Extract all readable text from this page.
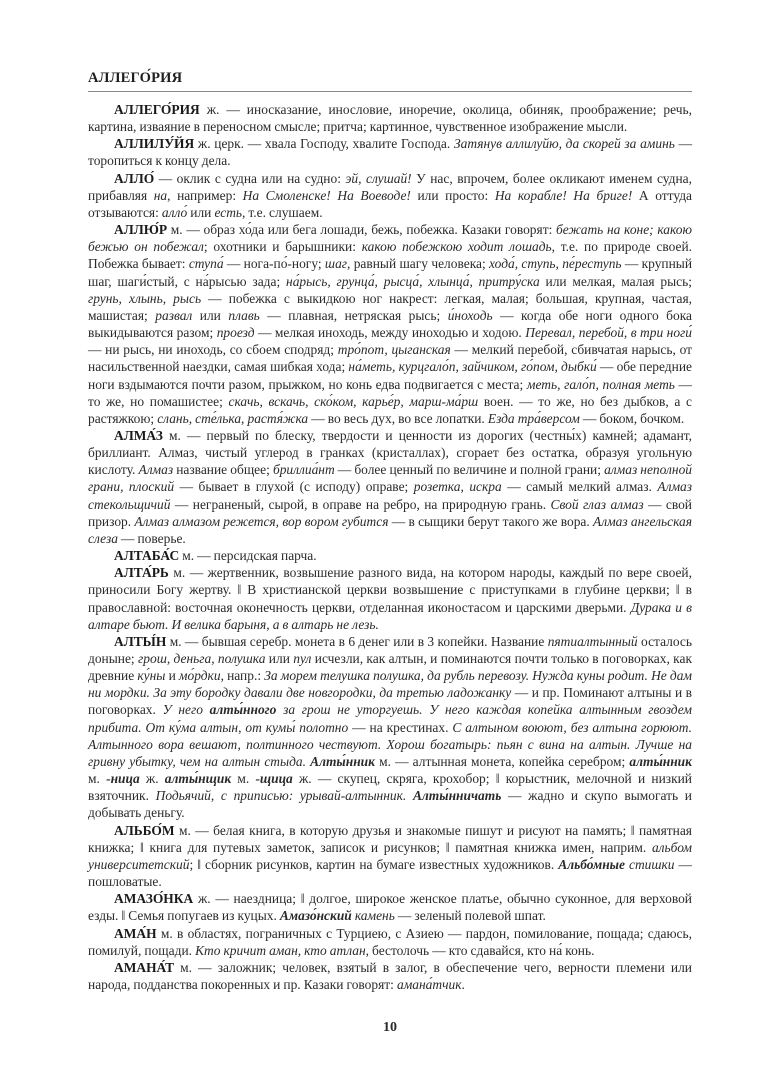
АЛЛЕГО́РИЯ

АЛЛЕГО́РИЯ ж. — иносказание, инословие, иноречие, околица, обиняк, проображение; речь, картина, изваяние в переносном смысле; притча; картинное, чувственное изображение мысли.

АЛЛИЛУ́ЙЯ ж. церк. — хвала Господу, хвалите Господа. Затянув аллилуйю, да скорей за аминь — торопиться к концу дела.

АЛЛО́ — оклик с судна или на судно: эй, слушай! У нас, впрочем, более окликают именем судна, прибавляя на, например: На Смоленске! На Воеводе! или просто: На корабле! На бриге! А оттуда отзываются: алло́ или есть, т.е. слушаем.

АЛЛЮ́Р м. — образ хо́да или бега лошади, бежь, побежка. Казаки говорят: бежать на коне; какою бежью он побежал; охотники и барышники: какою побежкою ходит лошадь, т.е. по природе своей. Побежка бывает: ступа́ — нога-по́-ногу; шаг, равный шагу человека; хода́, ступь, пе́реступь — крупный шаг, шаги́стый, с на́рысью зада; на́рысь, грунца́, рысца́, хлынца́, притру́ска или мелкая, малая рысь; грунь, хлынь, рысь — побежка с выкидкою ног накрест: легкая, малая; большая, крупная, частая, машистая; развал или плавь — плавная, нетряская рысь; и́ноходь — когда обе ноги одного бока выкидываются разом; проезд — мелкая иноходь, между иноходью и ходою. Перевал, перебой, в три ноги́ — ни рысь, ни иноходь, со сбоем сподряд; тро́пот, цыганская — мелкий перебой, сбивчатая нарысь, от насильственной наездки, самая шибкая хода; на́меть, курцгало́п, зайчиком, го́пом, дыбки́ — обе передние ноги вздымаются почти разом, прыжком, но конь едва подвигается с места; меть, гало́п, полная меть — то же, но помашистее; скачь, вскачь, ско́ком, карье́р, марш-ма́рш воен. — то же, но без дыбков, а с растяжкою; слань, сте́лька, растя́жка — во весь дух, во все лопатки. Езда тра́версом — боком, бочком.

АЛМА́З м. — первый по блеску, твердости и ценности из дорогих (честны́х) камней; адамант, бриллиант. Алмаз, чистый углерод в гранках (кристаллах), сгорает без остатка, образуя угольную кислоту. Алмаз название общее; бриллиа́нт — более ценный по величине и полной грани; алмаз неполной грани, плоский — бывает в глухой (с исподу) оправе; розетка, искра — самый мелкий алмаз. Алмаз стекольщичий — неграненый, сырой, в оправе на ребро, на природную грань. Свой глаз алмаз — свой призор. Алмаз алмазом режется, вор вором губится — в сыщики берут такого же вора. Алмаз ангельская слеза — поверье.

АЛТАБА́С м. — персидская парча.

АЛТА́РЬ м. — жертвенник, возвышение разного вида, на котором народы, каждый по вере своей, приносили Богу жертву. ‖ В христианской церкви возвышение с приступками в глубине церкви; ‖ в православной: восточная оконечность церкви, отделанная иконостасом и царскими дверьми. Дурака и в алтаре бьют. И велика барыня, а в алтарь не лезь.

АЛТЫ́Н м. — бывшая серебр. монета в 6 денег или в 3 копейки. Название пятиалтынный осталось доныне; грош, деньга, полушка или пул исчезли, как алтын, и поминаются почти только в поговорках, как древние ку́ны и мо́рдки, напр.: За морем телушка полушка, да рубль перевозу. Нужда куны родит. Не дам ни мордки. За эту бородку давали две новгородки, да третью ладожанку — и пр. Поминают алтыны и в поговорках. У него алты́нного за грош не уторгуешь. У него каждая копейка алтынным гвоздем прибита. От ку́ма алтын, от кумы́ полотно — на крестинах. С алтыном воюют, без алтына горюют. Алтынного вора вешают, полтинного чествуют. Хорош богатырь: пьян с вина на алтын. Лучше на гривну убытку, чем на алтын стыда. Алты́нник м. — алтынная монета, копейка серебром; алты́нник м. -ница ж. алты́нщик м. -щица ж. — скупец, скряга, крохобор; ‖ корыстник, мелочной и низкий взяточник. Подьячий, с приписью: урывай-алтынник. Алты́нничать — жадно и скупо вымогать и добывать деньгу.

АЛЬБО́М м. — белая книга, в которую друзья и знакомые пишут и рисуют на память; ‖ памятная книжка; ‖ книга для путевых заметок, записок и рисунков; ‖ памятная книжка имен, наприм. альбом университетский; ‖ сборник рисунков, картин на бумаге известных художников. Альбо́мные стишки — пошловатые.

АМАЗО́НКА ж. — наездница; ‖ долгое, широкое женское платье, обычно суконное, для верховой езды. ‖ Семья попугаев из куцых. Амазо́нский камень — зеленый полевой шпат.

АМА́Н м. в областях, пограничных с Турциею, с Азиею — пардон, помилование, пощада; сдаюсь, помилуй, пощади. Кто кричит аман, кто атлан, бестолочь — кто сдавайся, кто на́ конь.

АМАНА́Т м. — заложник; человек, взятый в залог, в обеспечение чего, верности племени или народа, подданства покоренных и пр. Казаки говорят: амана́тчик.

10
